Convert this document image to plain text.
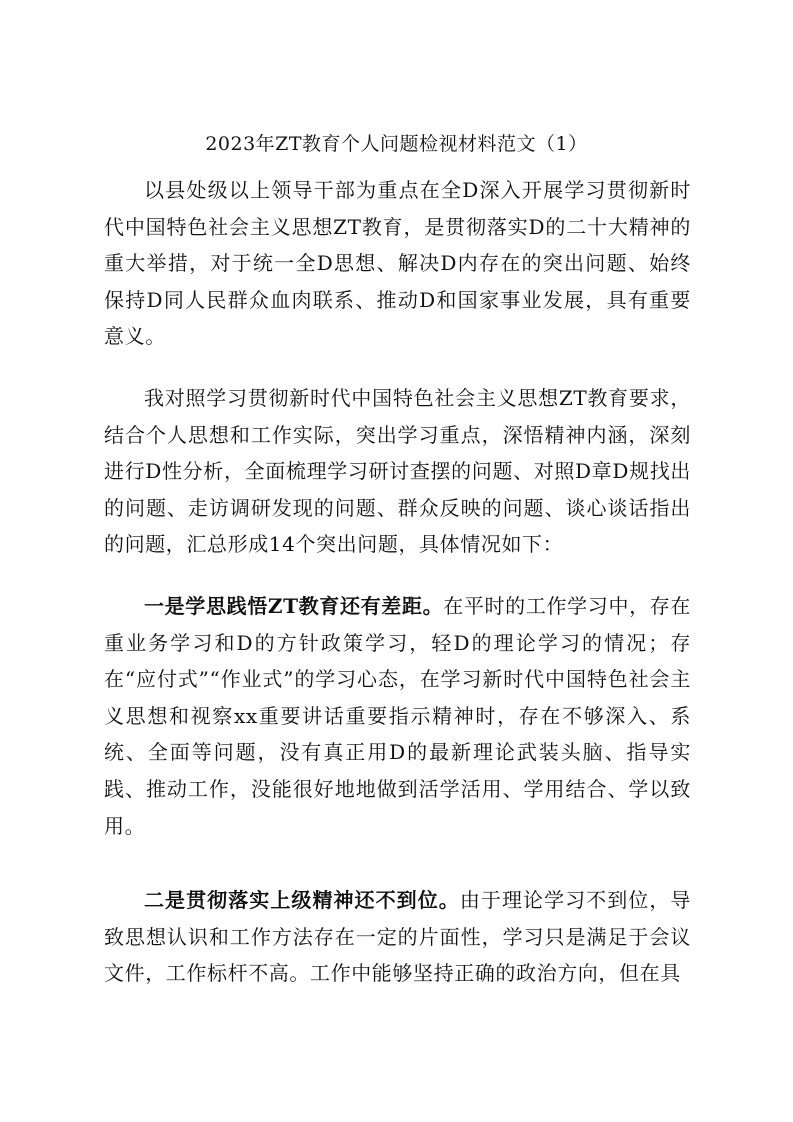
2023年ZT教育个人问题检视材料范文（1）

以县处级以上领导干部为重点在全D深入开展学习贯彻新时代中国特色社会主义思想ZT教育，是贯彻落实D的二十大精神的重大举措，对于统一全D思想、解决D内存在的突出问题、始终保持D同人民群众血肉联系、推动D和国家事业发展，具有重要意义。

我对照学习贯彻新时代中国特色社会主义思想ZT教育要求，结合个人思想和工作实际，突出学习重点，深悟精神内涵，深刻进行D性分析，全面梳理学习研讨查摆的问题、对照D章D规找出的问题、走访调研发现的问题、群众反映的问题、谈心谈话指出的问题，汇总形成14个突出问题，具体情况如下：

一是学思践悟ZT教育还有差距。在平时的工作学习中，存在重业务学习和D的方针政策学习，轻D的理论学习的情况；存在“应付式”“作业式”的学习心态，在学习新时代中国特色社会主义思想和视察xx重要讲话重要指示精神时，存在不够深入、系统、全面等问题，没有真正用D的最新理论武装头脑、指导实践、推动工作，没能很好地地做到活学活用、学用结合、学以致用。

二是贯彻落实上级精神还不到位。由于理论学习不到位，导致思想认识和工作方法存在一定的片面性，学习只是满足于会议文件，工作标杆不高。工作中能够坚持正确的政治方向，但在具
